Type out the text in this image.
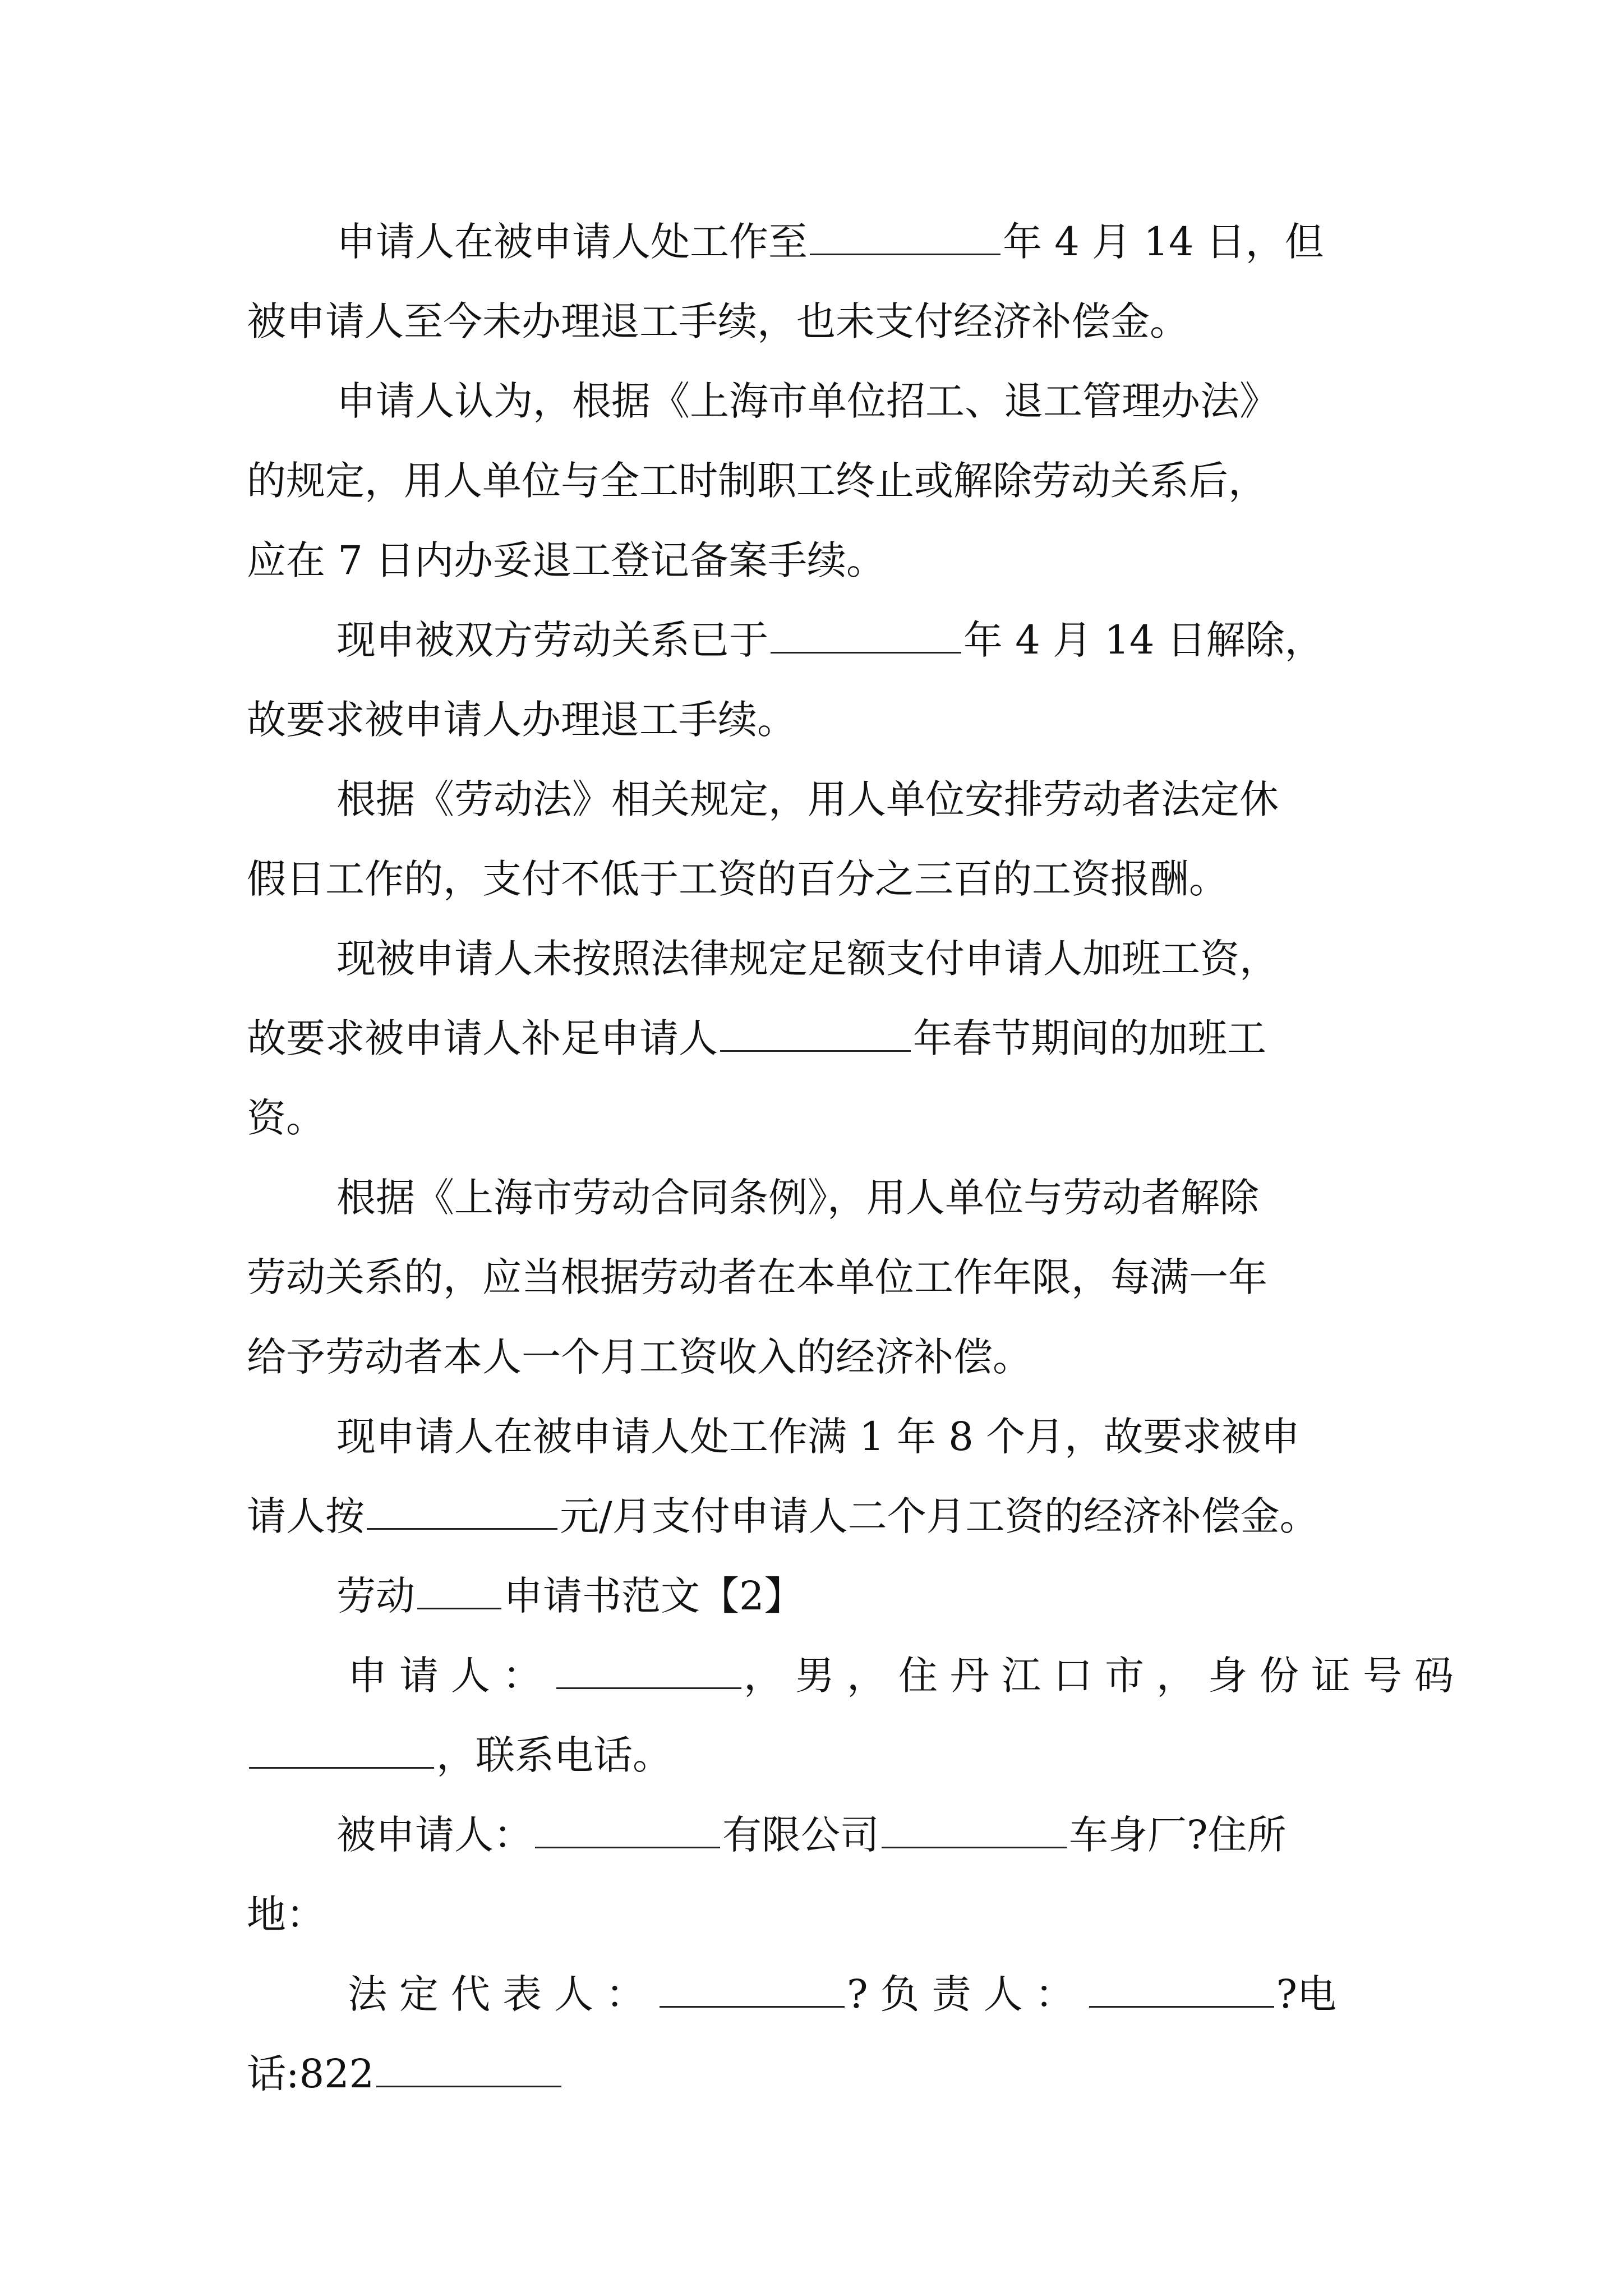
申请人在被申请人处工作至	年 4 月 14 日，但
被申请人至今未办理退工手续，也未支付经济补偿金。
申请人认为，根据《上海市单位招工、退工管理办法》
的规定，用人单位与全工时制职工终止或解除劳动关系后，
应在 7 日内办妥退工登记备案手续。
现申被双方劳动关系已于	年 4 月 14 日解除，
故要求被申请人办理退工手续。
根据《劳动法》相关规定，用人单位安排劳动者法定休
假日工作的，支付不低于工资的百分之三百的工资报酬。
现被申请人未按照法律规定足额支付申请人加班工资，
故要求被申请人补足申请人	年春节期间的加班工
资。
根据《上海市劳动合同条例》，用人单位与劳动者解除
劳动关系的，应当根据劳动者在本单位工作年限，每满一年
给予劳动者本人一个月工资收入的经济补偿。
现申请人在被申请人处工作满 1 年 8 个月，故要求被申
请人按	元/月支付申请人二个月工资的经济补偿金。
劳动 申请书范文【2】
申请人：	，男，住丹江口市，身份证号码
，联系电话。
被申请人：	有限公司	车身厂?住所
地：
法定代表人：	?负责人：	?电
话:822
